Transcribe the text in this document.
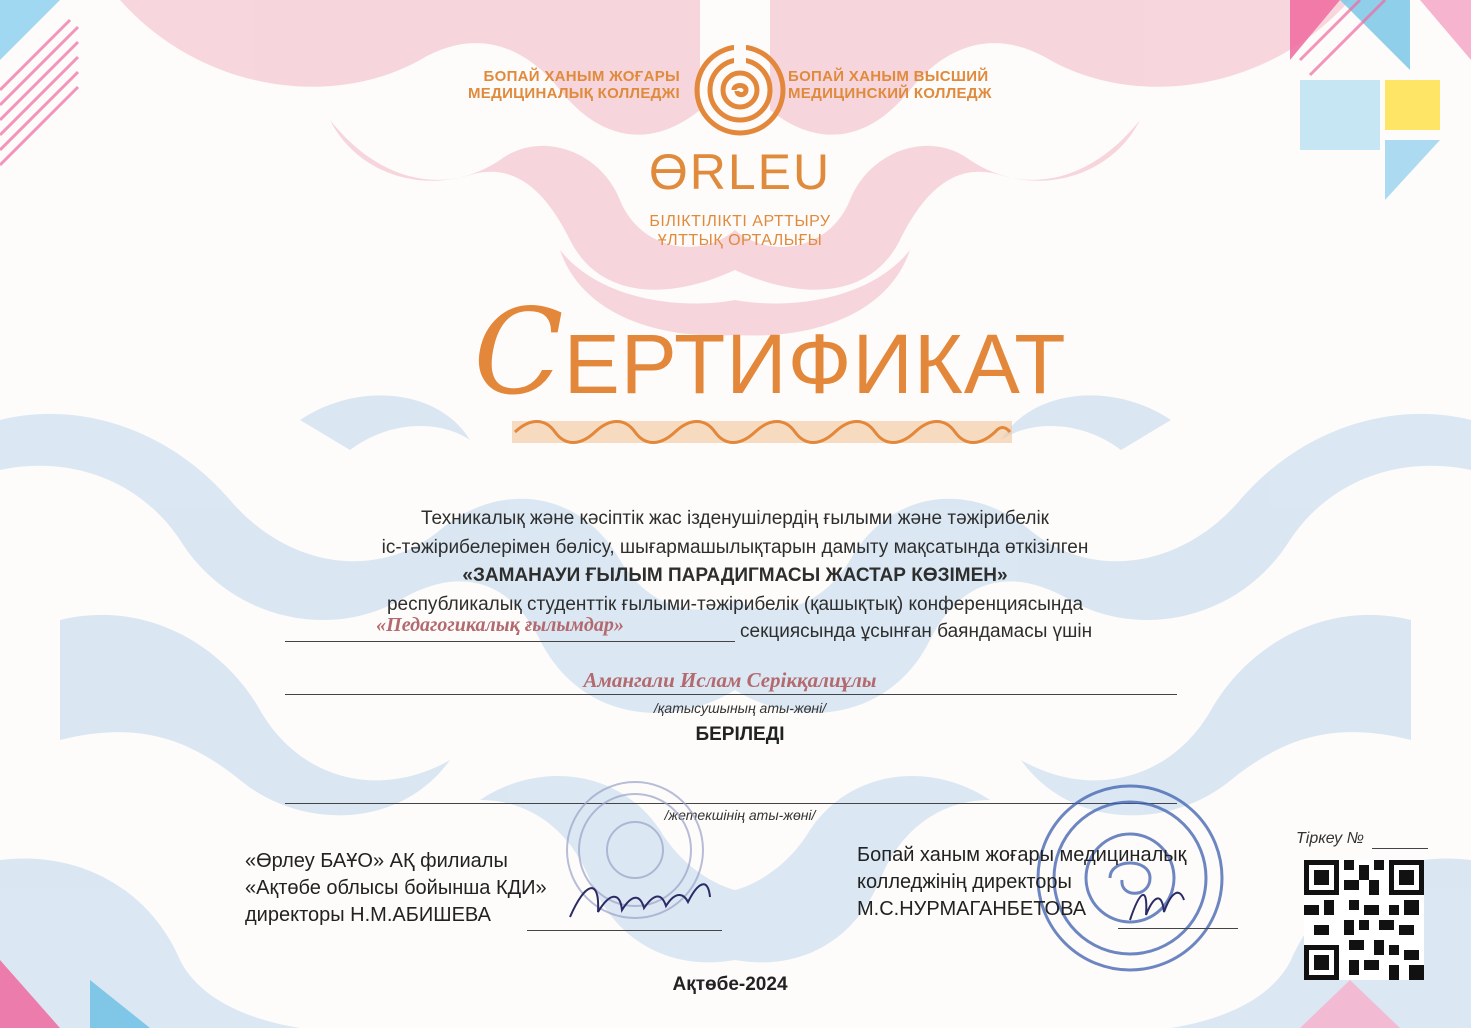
БОПАЙ ХАНЫМ ЖОҒАРЫ МЕДИЦИНАЛЫҚ КОЛЛЕДЖІ
БОПАЙ ХАНЫМ ВЫСШИЙ МЕДИЦИНСКИЙ КОЛЛЕДЖ
ƟRLEU
БІЛІКТІЛІКТІ АРТТЫРУ
ҰЛТТЫҚ ОРТАЛЫҒЫ
СЕРТИФИКАТ
Техникалық және кәсіптік жас ізденушілердің ғылыми және тәжірибелік
іс-тәжірибелерімен бөлісу, шығармашылықтарын дамыту мақсатында өткізілген
«ЗАМАНАУИ ҒЫЛЫМ ПАРАДИГМАСЫ ЖАСТАР КӨЗІМЕН»
республикалық студенттік ғылыми-тәжірибелік (қашықтық) конференциясында
«Педагогикалық ғылымдар»	секциясында ұсынған баяндамасы үшін
Амангали Ислам Серікқалиұлы
/қатысушының аты-жөні/
БЕРІЛЕДІ
/жетекшінің аты-жөні/
«Өрлеу БАҰО» АҚ филиалы
«Ақтөбе облысы бойынша КДИ»
директоры Н.М.АБИШЕВА
Бопай ханым жоғары медициналық
колледжінің директоры
М.С.НУРМАГАНБЕТОВА
Тіркеу №
Ақтөбе-2024
